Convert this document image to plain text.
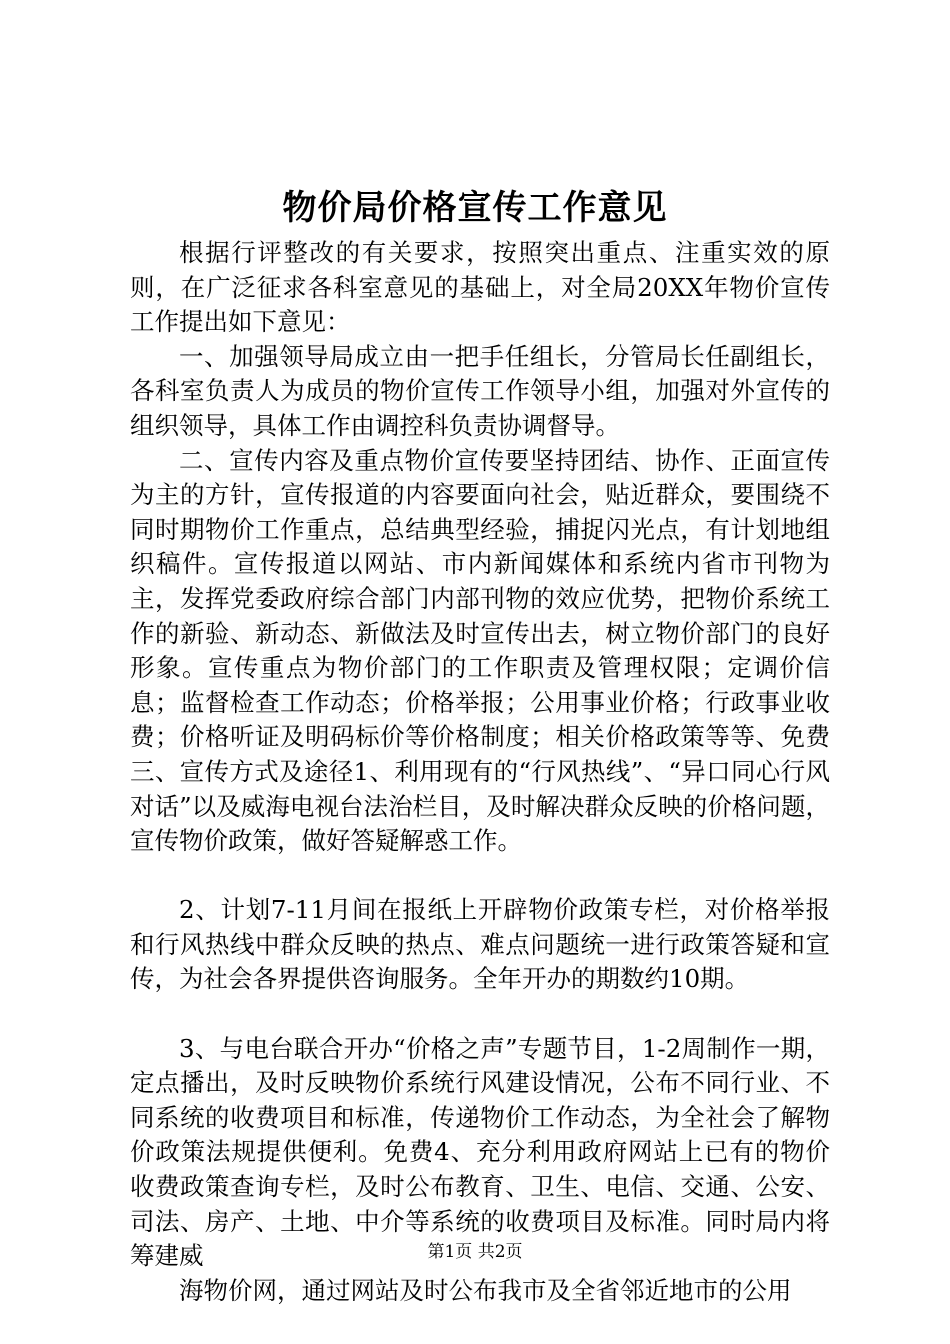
物价局价格宣传工作意见

根据行评整改的有关要求，按照突出重点、注重实效的原则，在广泛征求各科室意见的基础上，对全局20XX年物价宣传工作提出如下意见：

一、加强领导局成立由一把手任组长，分管局长任副组长，各科室负责人为成员的物价宣传工作领导小组，加强对外宣传的组织领导，具体工作由调控科负责协调督导。

二、宣传内容及重点物价宣传要坚持团结、协作、正面宣传为主的方针，宣传报道的内容要面向社会，贴近群众，要围绕不同时期物价工作重点，总结典型经验，捕捉闪光点，有计划地组织稿件。宣传报道以网站、市内新闻媒体和系统内省市刊物为主，发挥党委政府综合部门内部刊物的效应优势，把物价系统工作的新验、新动态、新做法及时宣传出去，树立物价部门的良好形象。宣传重点为物价部门的工作职责及管理权限；定调价信息；监督检查工作动态；价格举报；公用事业价格；行政事业收费；价格听证及明码标价等价格制度；相关价格政策等等、免费三、宣传方式及途径1、利用现有的“行风热线”、“异口同心行风对话”以及威海电视台法治栏目，及时解决群众反映的价格问题，宣传物价政策，做好答疑解惑工作。

2、计划7-11月间在报纸上开辟物价政策专栏，对价格举报和行风热线中群众反映的热点、难点问题统一进行政策答疑和宣传，为社会各界提供咨询服务。全年开办的期数约10期。

3、与电台联合开办“价格之声”专题节目，1-2周制作一期，定点播出，及时反映物价系统行风建设情况，公布不同行业、不同系统的收费项目和标准，传递物价工作动态，为全社会了解物价政策法规提供便利。免费4、充分利用政府网站上已有的物价收费政策查询专栏，及时公布教育、卫生、电信、交通、公安、司法、房产、土地、中介等系统的收费项目及标准。同时局内将筹建威

海物价网，通过网站及时公布我市及全省邻近地市的公用

第1页 共2页
